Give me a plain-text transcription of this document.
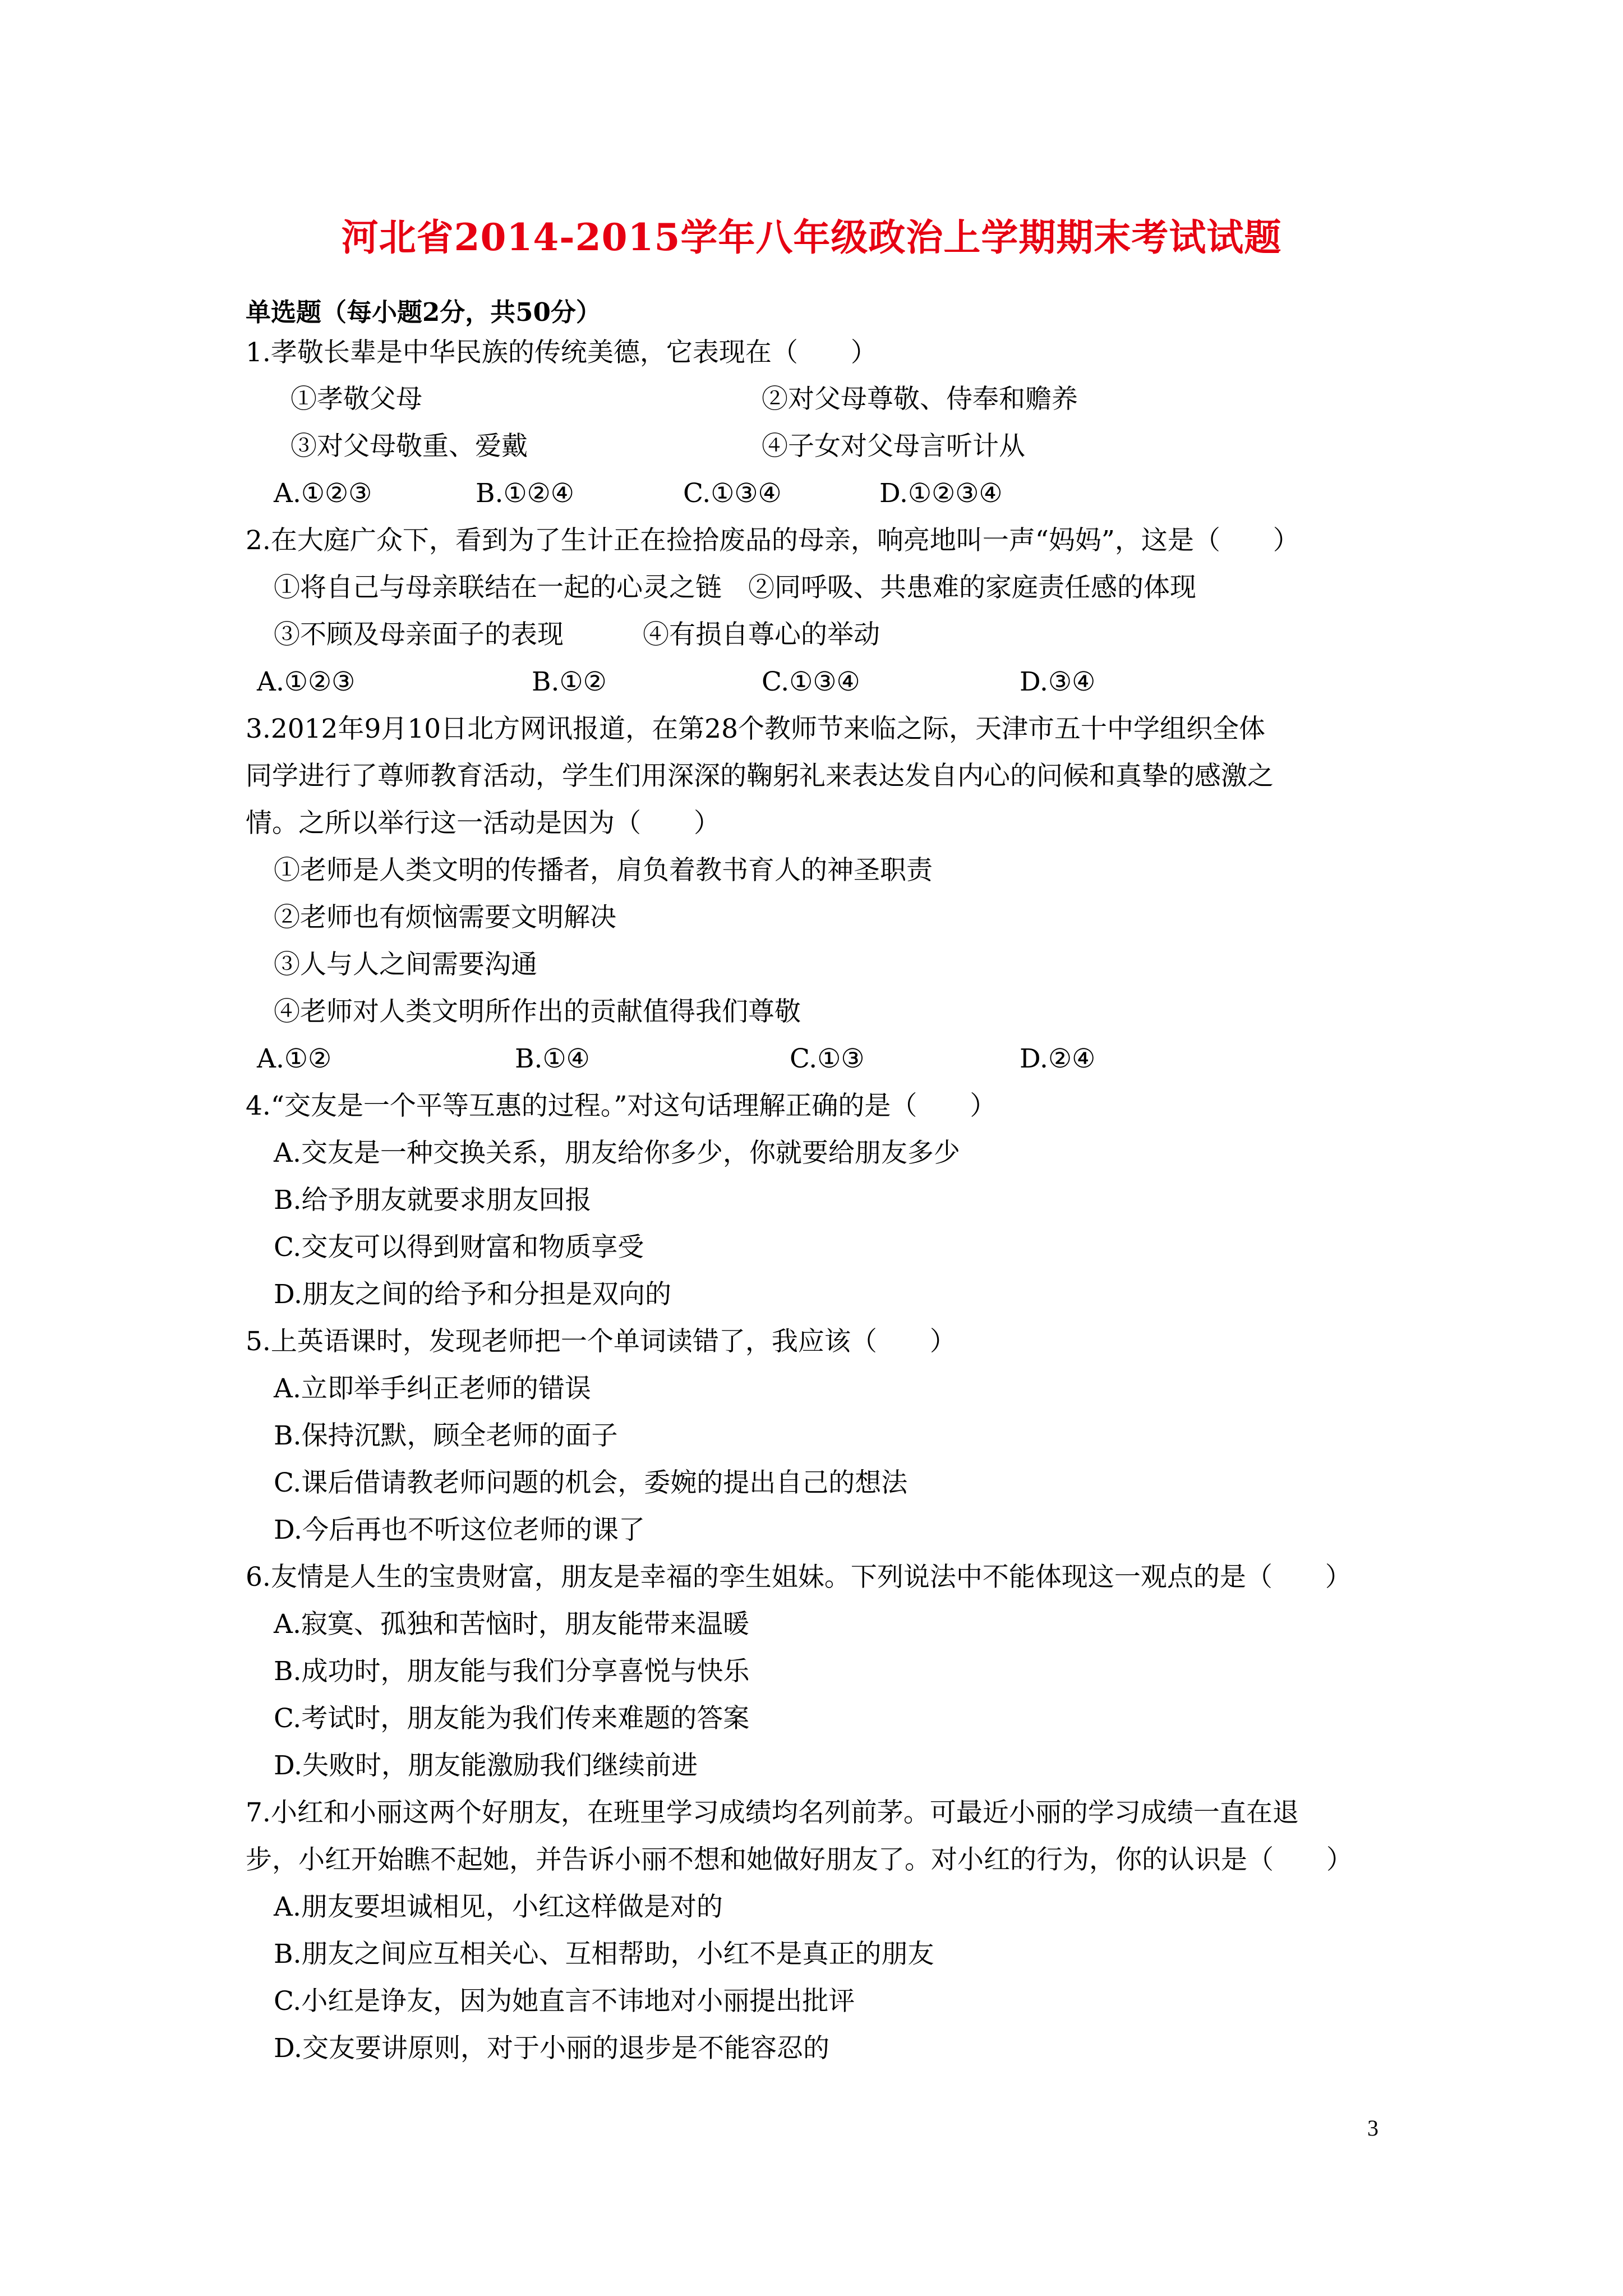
河北省2014-2015学年八年级政治上学期期末考试试题
单选题（每小题2分，共50分）
1.孝敬长辈是中华民族的传统美德，它表现在（　　）
①孝敬父母	②对父母尊敬、侍奉和赡养
③对父母敬重、爱戴	④子女对父母言听计从
A.①②③	B.①②④	C.①③④	D.①②③④
2.在大庭广众下，看到为了生计正在捡拾废品的母亲，响亮地叫一声“妈妈”，这是（　　）
①将自己与母亲联结在一起的心灵之链　②同呼吸、共患难的家庭责任感的体现
③不顾及母亲面子的表现　　　④有损自尊心的举动
A.①②③	B.①②	C.①③④	D.③④
3.2012年9月10日北方网讯报道，在第28个教师节来临之际，天津市五十中学组织全体
同学进行了尊师教育活动，学生们用深深的鞠躬礼来表达发自内心的问候和真挚的感激之
情。之所以举行这一活动是因为（　　）
①老师是人类文明的传播者，肩负着教书育人的神圣职责
②老师也有烦恼需要文明解决
③人与人之间需要沟通
④老师对人类文明所作出的贡献值得我们尊敬
A.①②	B.①④	C.①③	D.②④
4.“交友是一个平等互惠的过程。”对这句话理解正确的是（　　）
A.交友是一种交换关系，朋友给你多少，你就要给朋友多少
B.给予朋友就要求朋友回报
C.交友可以得到财富和物质享受
D.朋友之间的给予和分担是双向的
5.上英语课时，发现老师把一个单词读错了，我应该（　　）
A.立即举手纠正老师的错误
B.保持沉默，顾全老师的面子
C.课后借请教老师问题的机会，委婉的提出自己的想法
D.今后再也不听这位老师的课了
6.友情是人生的宝贵财富，朋友是幸福的孪生姐妹。下列说法中不能体现这一观点的是（　　）
A.寂寞、孤独和苦恼时，朋友能带来温暖
B.成功时，朋友能与我们分享喜悦与快乐
C.考试时，朋友能为我们传来难题的答案
D.失败时，朋友能激励我们继续前进
7.小红和小丽这两个好朋友，在班里学习成绩均名列前茅。可最近小丽的学习成绩一直在退
步，小红开始瞧不起她，并告诉小丽不想和她做好朋友了。对小红的行为，你的认识是（　　）
A.朋友要坦诚相见，小红这样做是对的
B.朋友之间应互相关心、互相帮助，小红不是真正的朋友
C.小红是诤友，因为她直言不讳地对小丽提出批评
D.交友要讲原则，对于小丽的退步是不能容忍的
3
